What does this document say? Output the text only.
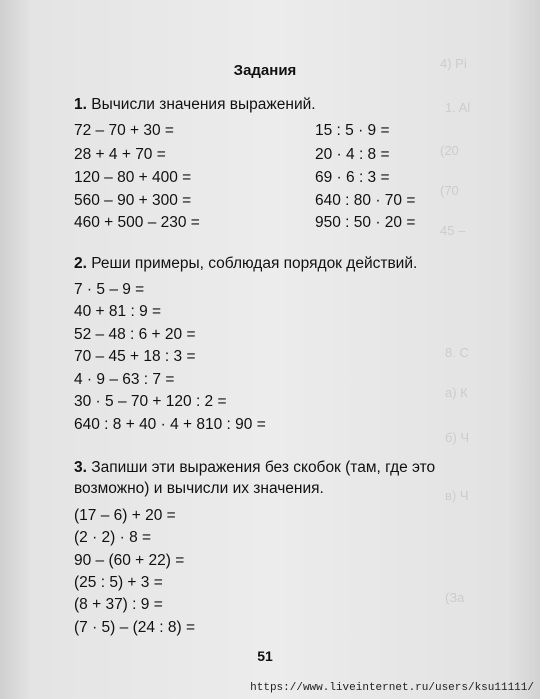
4) Pi
1. Al
(20
(70
45 –
8. C
а) К
б) Ч
в) Ч
(За
Задания
1. Вычисли значения выражений.
72 – 70 + 30 =
28 + 4 + 70 =
120 – 80 + 400 =
560 – 90 + 300 =
460 + 500 – 230 =
15 : 5 · 9 =
20 · 4 : 8 =
69 · 6 : 3 =
640 : 80 · 70 =
950 : 50 · 20 =
2. Реши примеры, соблюдая порядок действий.
7 · 5 – 9 =
40 + 81 : 9 =
52 – 48 : 6 + 20 =
70 – 45 + 18 : 3 =
4 · 9 – 63 : 7 =
30 · 5 – 70 + 120 : 2 =
640 : 8 + 40 · 4 + 810 : 90 =
3. Запиши эти выражения без скобок (там, где это
возможно) и вычисли их значения.
(17 – 6) + 20 =
(2 · 2) · 8 =
90 – (60 + 22) =
(25 : 5) + 3 =
(8 + 37) : 9 =
(7 · 5) – (24 : 8) =
51
https://www.liveinternet.ru/users/ksu11111/
